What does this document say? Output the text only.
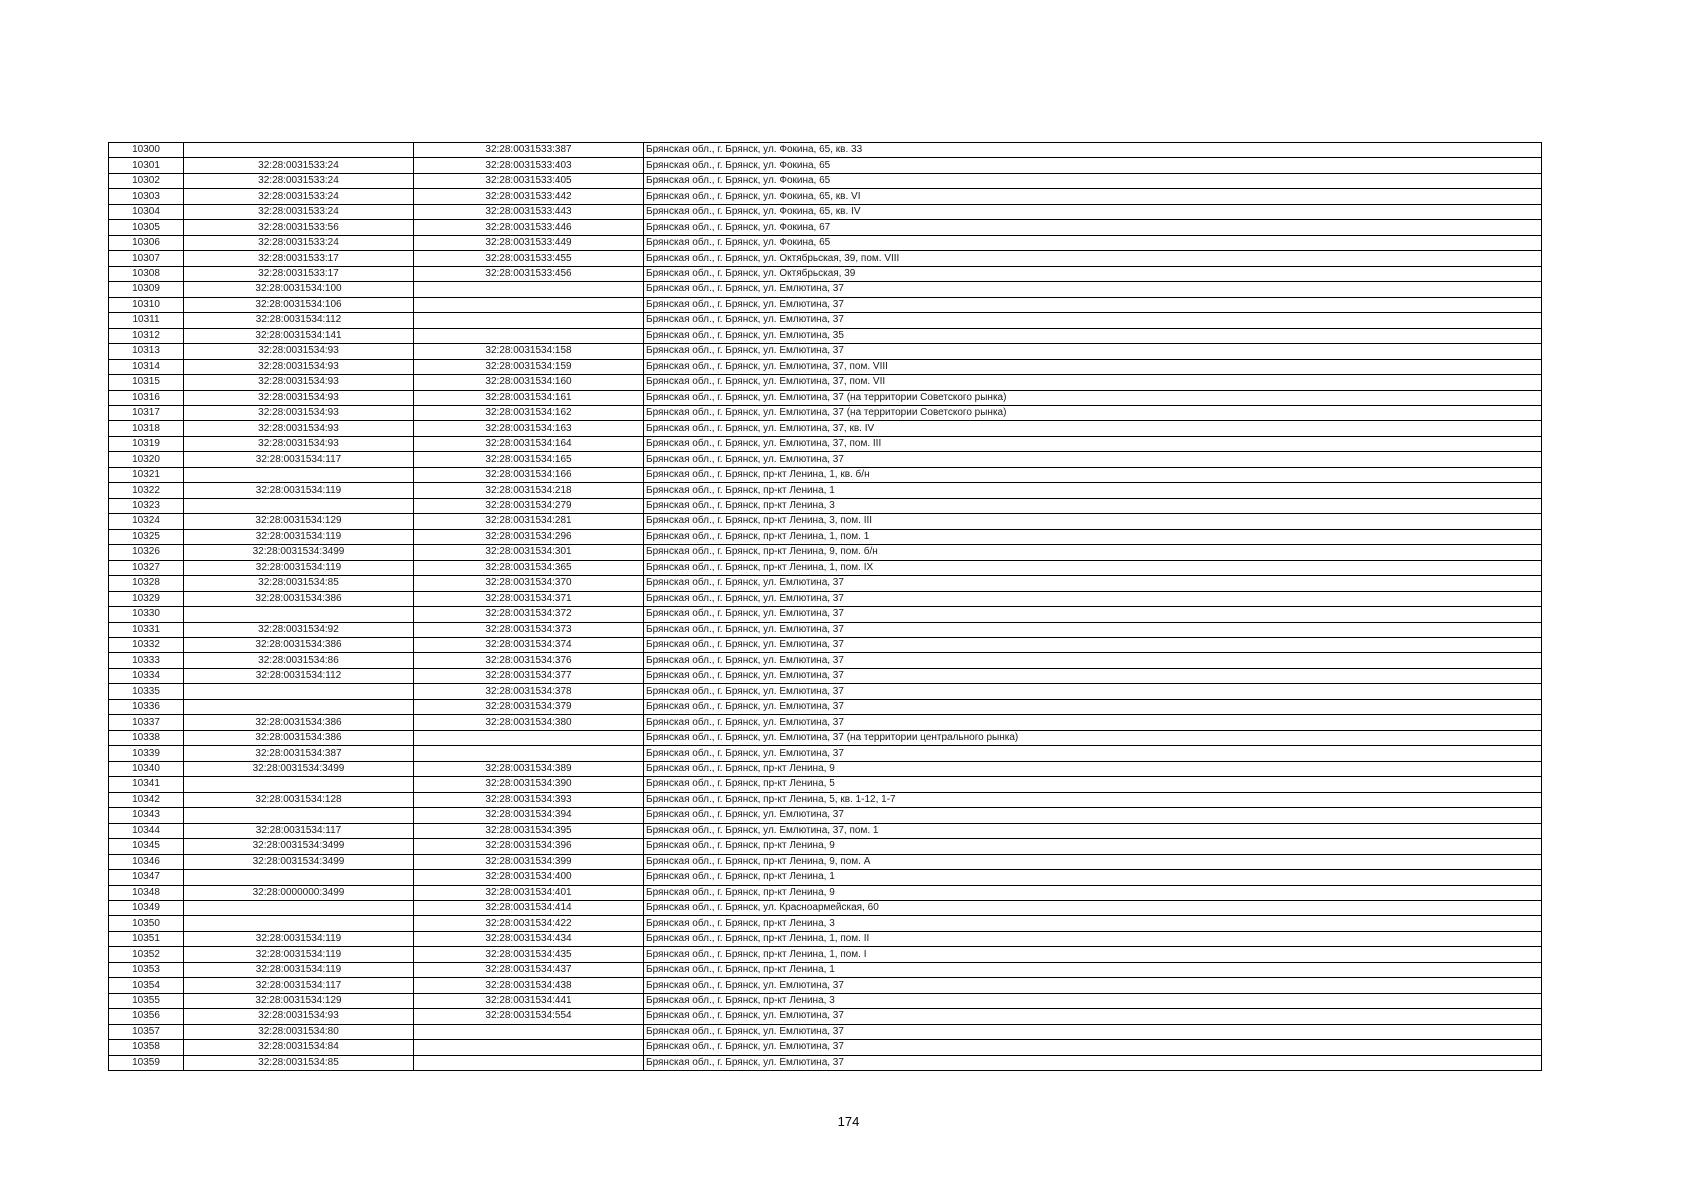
10300		32:28:0031533:387	Брянская обл., г. Брянск, ул. Фокина, 65, кв. 33
10301	32:28:0031533:24	32:28:0031533:403	Брянская обл., г. Брянск, ул. Фокина, 65
10302	32:28:0031533:24	32:28:0031533:405	Брянская обл., г. Брянск, ул. Фокина, 65
10303	32:28:0031533:24	32:28:0031533:442	Брянская обл., г. Брянск, ул. Фокина, 65, кв. VI
10304	32:28:0031533:24	32:28:0031533:443	Брянская обл., г. Брянск, ул. Фокина, 65, кв. IV
10305	32:28:0031533:56	32:28:0031533:446	Брянская обл., г. Брянск, ул. Фокина, 67
10306	32:28:0031533:24	32:28:0031533:449	Брянская обл., г. Брянск, ул. Фокина, 65
10307	32:28:0031533:17	32:28:0031533:455	Брянская обл., г. Брянск, ул. Октябрьская, 39, пом. VIII
10308	32:28:0031533:17	32:28:0031533:456	Брянская обл., г. Брянск, ул. Октябрьская, 39
10309	32:28:0031534:100		Брянская обл., г. Брянск, ул. Емлютина, 37
10310	32:28:0031534:106		Брянская обл., г. Брянск, ул. Емлютина, 37
10311	32:28:0031534:112		Брянская обл., г. Брянск, ул. Емлютина, 37
10312	32:28:0031534:141		Брянская обл., г. Брянск, ул. Емлютина, 35
10313	32:28:0031534:93	32:28:0031534:158	Брянская обл., г. Брянск, ул. Емлютина, 37
10314	32:28:0031534:93	32:28:0031534:159	Брянская обл., г. Брянск, ул. Емлютина, 37, пом. VIII
10315	32:28:0031534:93	32:28:0031534:160	Брянская обл., г. Брянск, ул. Емлютина, 37, пом. VII
10316	32:28:0031534:93	32:28:0031534:161	Брянская обл., г. Брянск, ул. Емлютина, 37 (на территории Советского рынка)
10317	32:28:0031534:93	32:28:0031534:162	Брянская обл., г. Брянск, ул. Емлютина, 37 (на территории Советского рынка)
10318	32:28:0031534:93	32:28:0031534:163	Брянская обл., г. Брянск, ул. Емлютина, 37, кв. IV
10319	32:28:0031534:93	32:28:0031534:164	Брянская обл., г. Брянск, ул. Емлютина, 37, пом. III
10320	32:28:0031534:117	32:28:0031534:165	Брянская обл., г. Брянск, ул. Емлютина, 37
10321		32:28:0031534:166	Брянская обл., г. Брянск, пр-кт Ленина, 1, кв. б/н
10322	32:28:0031534:119	32:28:0031534:218	Брянская обл., г. Брянск, пр-кт Ленина, 1
10323		32:28:0031534:279	Брянская обл., г. Брянск, пр-кт Ленина, 3
10324	32:28:0031534:129	32:28:0031534:281	Брянская обл., г. Брянск, пр-кт Ленина, 3, пом. III
10325	32:28:0031534:119	32:28:0031534:296	Брянская обл., г. Брянск, пр-кт Ленина, 1, пом. 1
10326	32:28:0031534:3499	32:28:0031534:301	Брянская обл., г. Брянск, пр-кт Ленина, 9, пом. б/н
10327	32:28:0031534:119	32:28:0031534:365	Брянская обл., г. Брянск, пр-кт Ленина, 1, пом. IX
10328	32:28:0031534:85	32:28:0031534:370	Брянская обл., г. Брянск, ул. Емлютина, 37
10329	32:28:0031534:386	32:28:0031534:371	Брянская обл., г. Брянск, ул. Емлютина, 37
10330		32:28:0031534:372	Брянская обл., г. Брянск, ул. Емлютина, 37
10331	32:28:0031534:92	32:28:0031534:373	Брянская обл., г. Брянск, ул. Емлютина, 37
10332	32:28:0031534:386	32:28:0031534:374	Брянская обл., г. Брянск, ул. Емлютина, 37
10333	32:28:0031534:86	32:28:0031534:376	Брянская обл., г. Брянск, ул. Емлютина, 37
10334	32:28:0031534:112	32:28:0031534:377	Брянская обл., г. Брянск, ул. Емлютина, 37
10335		32:28:0031534:378	Брянская обл., г. Брянск, ул. Емлютина, 37
10336		32:28:0031534:379	Брянская обл., г. Брянск, ул. Емлютина, 37
10337	32:28:0031534:386	32:28:0031534:380	Брянская обл., г. Брянск, ул. Емлютина, 37
10338	32:28:0031534:386		Брянская обл., г. Брянск, ул. Емлютина, 37 (на территории центрального рынка)
10339	32:28:0031534:387		Брянская обл., г. Брянск, ул. Емлютина, 37
10340	32:28:0031534:3499	32:28:0031534:389	Брянская обл., г. Брянск, пр-кт Ленина, 9
10341		32:28:0031534:390	Брянская обл., г. Брянск, пр-кт Ленина, 5
10342	32:28:0031534:128	32:28:0031534:393	Брянская обл., г. Брянск, пр-кт Ленина, 5, кв. 1-12, 1-7
10343		32:28:0031534:394	Брянская обл., г. Брянск, ул. Емлютина, 37
10344	32:28:0031534:117	32:28:0031534:395	Брянская обл., г. Брянск, ул. Емлютина, 37, пом. 1
10345	32:28:0031534:3499	32:28:0031534:396	Брянская обл., г. Брянск, пр-кт Ленина, 9
10346	32:28:0031534:3499	32:28:0031534:399	Брянская обл., г. Брянск, пр-кт Ленина, 9, пом. А
10347		32:28:0031534:400	Брянская обл., г. Брянск, пр-кт Ленина, 1
10348	32:28:0000000:3499	32:28:0031534:401	Брянская обл., г. Брянск, пр-кт Ленина, 9
10349		32:28:0031534:414	Брянская обл., г. Брянск, ул. Красноармейская, 60
10350		32:28:0031534:422	Брянская обл., г. Брянск, пр-кт Ленина, 3
10351	32:28:0031534:119	32:28:0031534:434	Брянская обл., г. Брянск, пр-кт Ленина, 1, пом. II
10352	32:28:0031534:119	32:28:0031534:435	Брянская обл., г. Брянск, пр-кт Ленина, 1, пом. I
10353	32:28:0031534:119	32:28:0031534:437	Брянская обл., г. Брянск, пр-кт Ленина, 1
10354	32:28:0031534:117	32:28:0031534:438	Брянская обл., г. Брянск, ул. Емлютина, 37
10355	32:28:0031534:129	32:28:0031534:441	Брянская обл., г. Брянск, пр-кт Ленина, 3
10356	32:28:0031534:93	32:28:0031534:554	Брянская обл., г. Брянск, ул. Емлютина, 37
10357	32:28:0031534:80		Брянская обл., г. Брянск, ул. Емлютина, 37
10358	32:28:0031534:84		Брянская обл., г. Брянск, ул. Емлютина, 37
10359	32:28:0031534:85		Брянская обл., г. Брянск, ул. Емлютина, 37
174
